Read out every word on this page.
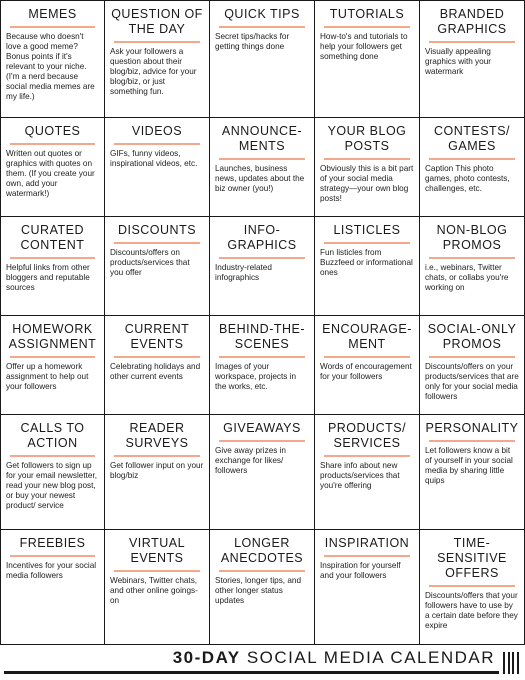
MEMES
Because who doesn't love a good meme? Bonus points if it's relevant to your niche. (I'm a nerd because social media memes are my life.)
QUESTION OF
THE DAY
Ask your followers a question about their blog/biz, advice for your blog/biz, or just something fun.
QUICK TIPS
Secret tips/hacks for getting things done
TUTORIALS
How-to's and tutorials to help your followers get something done
BRANDED
GRAPHICS
Visually appealing graphics with your watermark
QUOTES
Written out quotes or graphics with quotes on them. (If you create your own, add your watermark!)
VIDEOS
GIFs, funny videos, inspirational videos, etc.
ANNOUNCE-
MENTS
Launches, business news, updates about the biz owner (you!)
YOUR BLOG
POSTS
Obviously this is a bit part of your social media strategy—your own blog posts!
CONTESTS/
GAMES
Caption This photo games, photo contests, challenges, etc.
CURATED
CONTENT
Helpful links from other bloggers and reputable sources
DISCOUNTS
Discounts/offers on products/services that you offer
INFO-
GRAPHICS
Industry-related infographics
LISTICLES
Fun listicles from Buzzfeed or informational ones
NON-BLOG
PROMOS
i.e., webinars, Twitter chats, or collabs you're working on
HOMEWORK
ASSIGNMENT
Offer up a homework assignment to help out your followers
CURRENT
EVENTS
Celebrating holidays and other current events
BEHIND-THE-
SCENES
Images of your workspace, projects in the works, etc.
ENCOURAGE-
MENT
Words of encouragement for your followers
SOCIAL-ONLY
PROMOS
Discounts/offers on your products/services that are only for your social media followers
CALLS TO
ACTION
Get followers to sign up for your email newsletter, read your new blog post, or buy your newest product/ service
READER
SURVEYS
Get follower input on your blog/biz
GIVEAWAYS
Give away prizes in exchange for likes/ followers
PRODUCTS/
SERVICES
Share info about new products/services that you're offering
PERSONALITY
Let followers know a bit of yourself in your social media by sharing little quips
FREEBIES
Incentives for your social media followers
VIRTUAL
EVENTS
Webinars, Twitter chats, and other online goings-on
LONGER
ANECDOTES
Stories, longer tips, and other longer status updates
INSPIRATION
Inspiration for yourself and your followers
TIME-
SENSITIVE
OFFERS
Discounts/offers that your followers have to use by a certain date before they expire
30-DAY SOCIAL MEDIA CALENDAR
